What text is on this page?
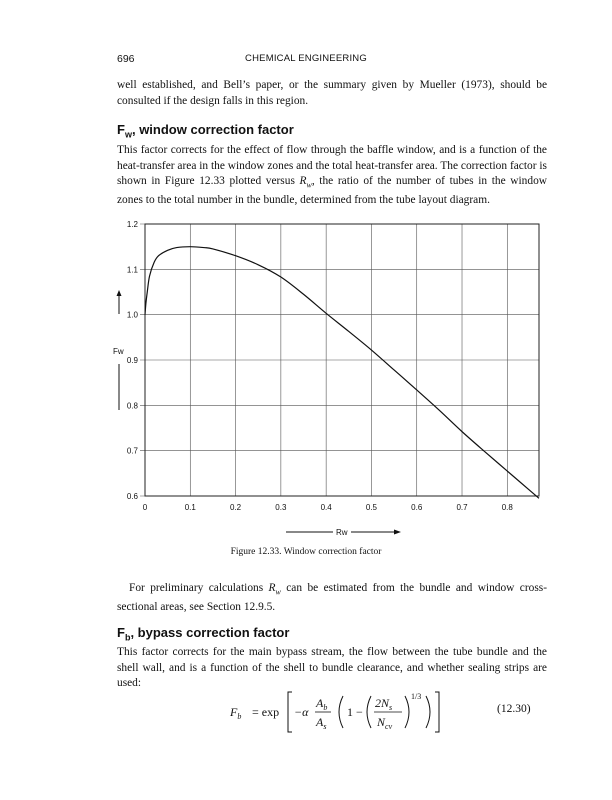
696	CHEMICAL ENGINEERING
well established, and Bell’s paper, or the summary given by Mueller (1973), should be consulted if the design falls in this region.
$F_w$, window correction factor
This factor corrects for the effect of flow through the baffle window, and is a function of the heat-transfer area in the window zones and the total heat-transfer area. The correction factor is shown in Figure 12.33 plotted versus $R_w$, the ratio of the number of tubes in the window zones to the total number in the bundle, determined from the tube layout diagram.
0.6
0.7
0.8
0.9
1.0
1.1
1.2
0	0.1	0.2	0.3	0.4	0.5	0.6	0.7	0.8
Fw
Rw
Figure 12.33. Window correction factor
For preliminary calculations $R_w$ can be estimated from the bundle and window cross-sectional areas, see Section 12.9.5.
$F_b$, bypass correction factor
This factor corrects for the main bypass stream, the flow between the tube bundle and the shell wall, and is a function of the shell to bundle clearance, and whether sealing strips are used:
$F_b = \exp -\alpha$
$A_b$
$A_s$
1 −
$2N_s$
$N_{cv}$
1/3
(12.30)
